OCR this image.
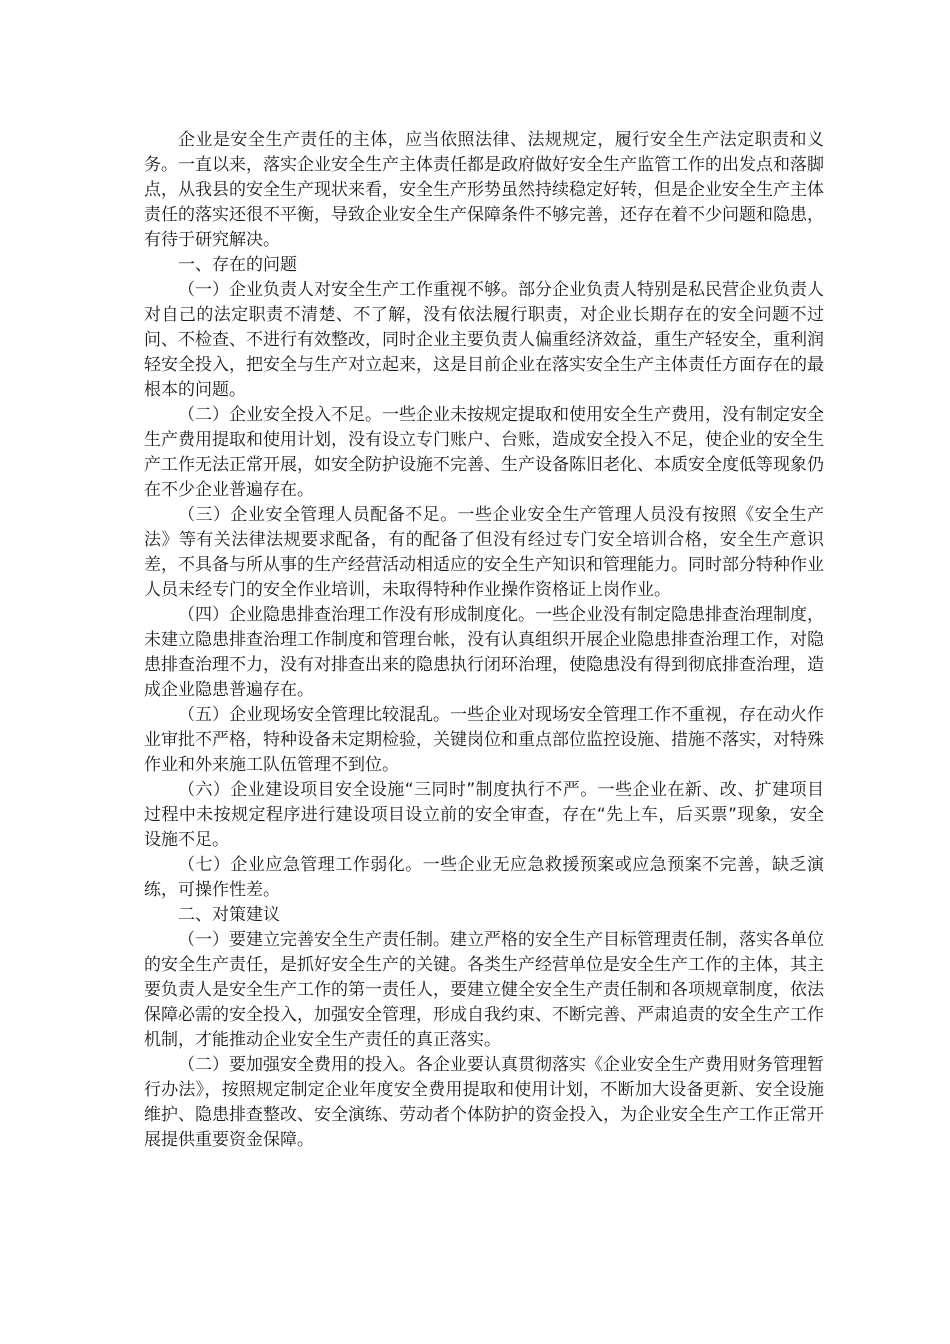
企业是安全生产责任的主体，应当依照法律、法规规定，履行安全生产法定职责和义务。一直以来，落实企业安全生产主体责任都是政府做好安全生产监管工作的出发点和落脚点，从我县的安全生产现状来看，安全生产形势虽然持续稳定好转，但是企业安全生产主体责任的落实还很不平衡，导致企业安全生产保障条件不够完善，还存在着不少问题和隐患，有待于研究解决。

一、存在的问题

（一）企业负责人对安全生产工作重视不够。部分企业负责人特别是私民营企业负责人对自己的法定职责不清楚、不了解，没有依法履行职责，对企业长期存在的安全问题不过问、不检查、不进行有效整改，同时企业主要负责人偏重经济效益，重生产轻安全，重利润轻安全投入，把安全与生产对立起来，这是目前企业在落实安全生产主体责任方面存在的最根本的问题。

（二）企业安全投入不足。一些企业未按规定提取和使用安全生产费用，没有制定安全生产费用提取和使用计划，没有设立专门账户、台账，造成安全投入不足，使企业的安全生产工作无法正常开展，如安全防护设施不完善、生产设备陈旧老化、本质安全度低等现象仍在不少企业普遍存在。

（三）企业安全管理人员配备不足。一些企业安全生产管理人员没有按照《安全生产法》等有关法律法规要求配备，有的配备了但没有经过专门安全培训合格，安全生产意识差，不具备与所从事的生产经营活动相适应的安全生产知识和管理能力。同时部分特种作业人员未经专门的安全作业培训，未取得特种作业操作资格证上岗作业。

（四）企业隐患排查治理工作没有形成制度化。一些企业没有制定隐患排查治理制度，未建立隐患排查治理工作制度和管理台帐，没有认真组织开展企业隐患排查治理工作，对隐患排查治理不力，没有对排查出来的隐患执行闭环治理，使隐患没有得到彻底排查治理，造成企业隐患普遍存在。

（五）企业现场安全管理比较混乱。一些企业对现场安全管理工作不重视，存在动火作业审批不严格，特种设备未定期检验，关键岗位和重点部位监控设施、措施不落实，对特殊作业和外来施工队伍管理不到位。

（六）企业建设项目安全设施“三同时”制度执行不严。一些企业在新、改、扩建项目过程中未按规定程序进行建设项目设立前的安全审查，存在“先上车，后买票”现象，安全设施不足。

（七）企业应急管理工作弱化。一些企业无应急救援预案或应急预案不完善，缺乏演练，可操作性差。

二、对策建议

（一）要建立完善安全生产责任制。建立严格的安全生产目标管理责任制，落实各单位的安全生产责任，是抓好安全生产的关键。各类生产经营单位是安全生产工作的主体，其主要负责人是安全生产工作的第一责任人，要建立健全安全生产责任制和各项规章制度，依法保障必需的安全投入，加强安全管理，形成自我约束、不断完善、严肃追责的安全生产工作机制，才能推动企业安全生产责任的真正落实。

（二）要加强安全费用的投入。各企业要认真贯彻落实《企业安全生产费用财务管理暂行办法》，按照规定制定企业年度安全费用提取和使用计划，不断加大设备更新、安全设施维护、隐患排查整改、安全演练、劳动者个体防护的资金投入，为企业安全生产工作正常开展提供重要资金保障。
